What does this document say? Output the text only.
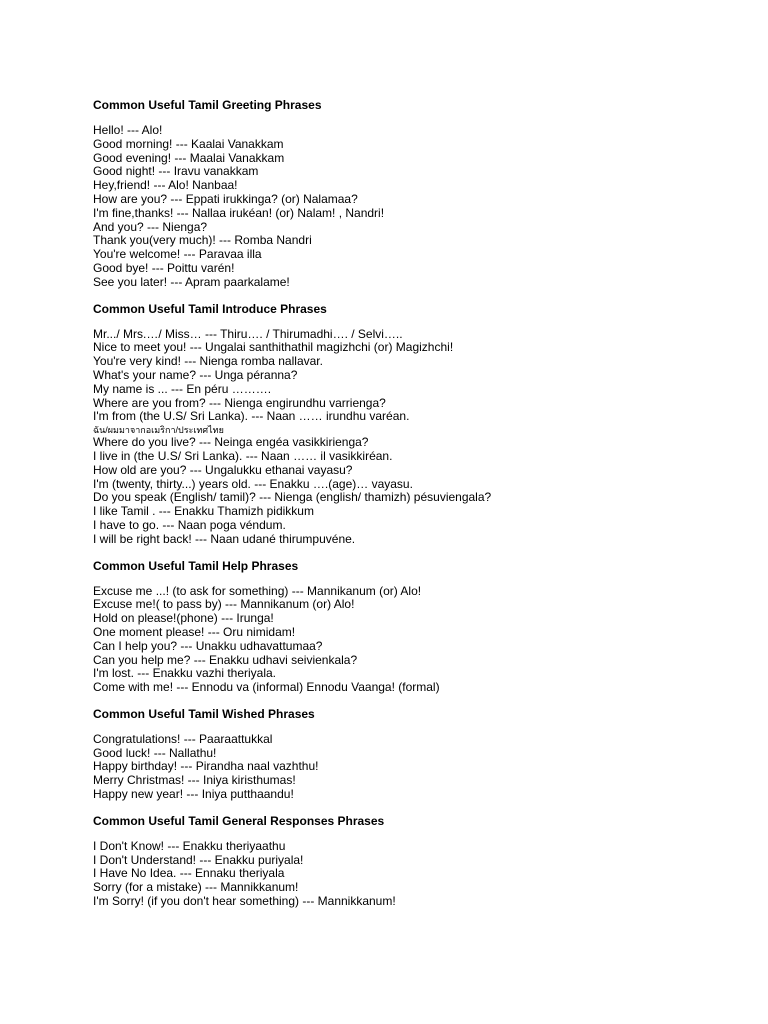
Common Useful Tamil Greeting Phrases
Hello! --- Alo!
Good morning! --- Kaalai Vanakkam
Good evening! --- Maalai Vanakkam
Good night! --- Iravu vanakkam
Hey,friend! --- Alo! Nanbaa!
How are you? --- Eppati irukkinga? (or) Nalamaa?
I'm fine,thanks! --- Nallaa irukéan! (or) Nalam! , Nandri!
And you? --- Nienga?
Thank you(very much)! --- Romba Nandri
You're welcome! --- Paravaa illa
Good bye! --- Poittu varén!
See you later! --- Apram paarkalame!
Common Useful Tamil Introduce Phrases
Mr.../ Mrs.…/ Miss… --- Thiru…. / Thirumadhi…. / Selvi…..
Nice to meet you! --- Ungalai santhithathil magizhchi (or) Magizhchi!
You're very kind! --- Nienga romba nallavar.
What's your name? --- Unga péranna?
My name is ... --- En péru ……….
Where are you from? --- Nienga engirundhu varrienga?
I'm from (the U.S/ Sri Lanka). --- Naan …… irundhu varéan.
ฉัน/ผมมาจากอเมริกา/ประเทศไทย
Where do you live? --- Neinga engéa vasikkirienga?
I live in (the U.S/ Sri Lanka). --- Naan …… il vasikkiréan.
How old are you? --- Ungalukku ethanai vayasu?
I'm (twenty, thirty...) years old. --- Enakku ….(age)… vayasu.
Do you speak (English/ tamil)? --- Nienga (english/ thamizh) pésuviengala?
I like Tamil . --- Enakku Thamizh pidikkum
I have to go. --- Naan poga véndum.
I will be right back! --- Naan udané thirumpuvéne.
Common Useful Tamil Help Phrases
Excuse me ...! (to ask for something) --- Mannikanum (or) Alo!
Excuse me!( to pass by) --- Mannikanum (or) Alo!
Hold on please!(phone) --- Irunga!
One moment please! --- Oru nimidam!
Can I help you? --- Unakku udhavattumaa?
Can you help me? --- Enakku udhavi seivienkala?
I'm lost. --- Enakku vazhi theriyala.
Come with me! --- Ennodu va (informal) Ennodu Vaanga! (formal)
Common Useful Tamil Wished Phrases
Congratulations! --- Paaraattukkal
Good luck! --- Nallathu!
Happy birthday! --- Pirandha naal vazhthu!
Merry Christmas! --- Iniya kiristhumas!
Happy new year! --- Iniya putthaandu!
Common Useful Tamil General Responses Phrases
I Don't Know! --- Enakku theriyaathu
I Don't Understand! --- Enakku puriyala!
I Have No Idea. --- Ennaku theriyala
Sorry (for a mistake) --- Mannikkanum!
I'm Sorry! (if you don't hear something) --- Mannikkanum!
